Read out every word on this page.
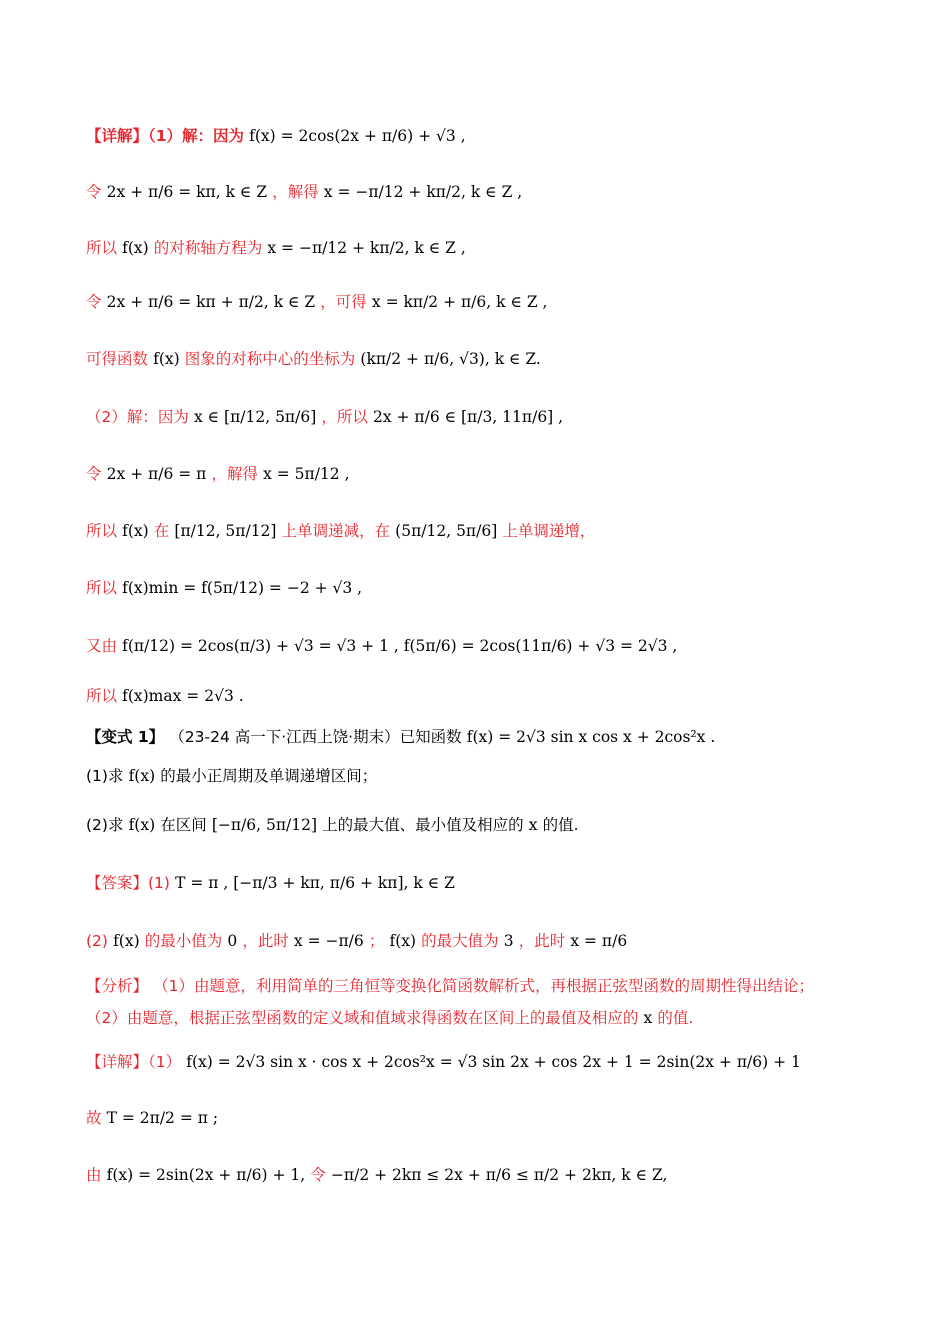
【详解】（1）解：因为 f(x) = 2cos(2x + π/6) + √3 ,
令 2x + π/6 = kπ, k ∈ Z ，解得 x = −π/12 + kπ/2, k ∈ Z ,
所以 f(x) 的对称轴方程为 x = −π/12 + kπ/2, k ∈ Z ,
令 2x + π/6 = kπ + π/2, k ∈ Z ，可得 x = kπ/2 + π/6, k ∈ Z ,
可得函数 f(x) 图象的对称中心的坐标为 (kπ/2 + π/6, √3), k ∈ Z.
（2）解：因为 x ∈ [π/12, 5π/6] ，所以 2x + π/6 ∈ [π/3, 11π/6] ,
令 2x + π/6 = π ，解得 x = 5π/12 ,
所以 f(x) 在 [π/12, 5π/12] 上单调递减，在 (5π/12, 5π/6] 上单调递增，
所以 f(x)min = f(5π/12) = −2 + √3 ,
又由 f(π/12) = 2cos(π/3) + √3 = √3 + 1 , f(5π/6) = 2cos(11π/6) + √3 = 2√3 ,
所以 f(x)max = 2√3 .
【变式 1】 （23-24 高一下·江西上饶·期末）已知函数 f(x) = 2√3 sin x cos x + 2cos²x .
(1)求 f(x) 的最小正周期及单调递增区间；
(2)求 f(x) 在区间 [−π/6, 5π/12] 上的最大值、最小值及相应的 x 的值.
【答案】(1) T = π , [−π/3 + kπ, π/6 + kπ], k ∈ Z
(2) f(x) 的最小值为 0 ，此时 x = −π/6 ； f(x) 的最大值为 3 ，此时 x = π/6
【分析】 （1）由题意，利用简单的三角恒等变换化简函数解析式，再根据正弦型函数的周期性得出结论；
（2）由题意，根据正弦型函数的定义域和值域求得函数在区间上的最值及相应的 x 的值.
【详解】（1） f(x) = 2√3 sin x · cos x + 2cos²x = √3 sin 2x + cos 2x + 1 = 2sin(2x + π/6) + 1
故 T = 2π/2 = π ;
由 f(x) = 2sin(2x + π/6) + 1, 令 −π/2 + 2kπ ≤ 2x + π/6 ≤ π/2 + 2kπ, k ∈ Z,
